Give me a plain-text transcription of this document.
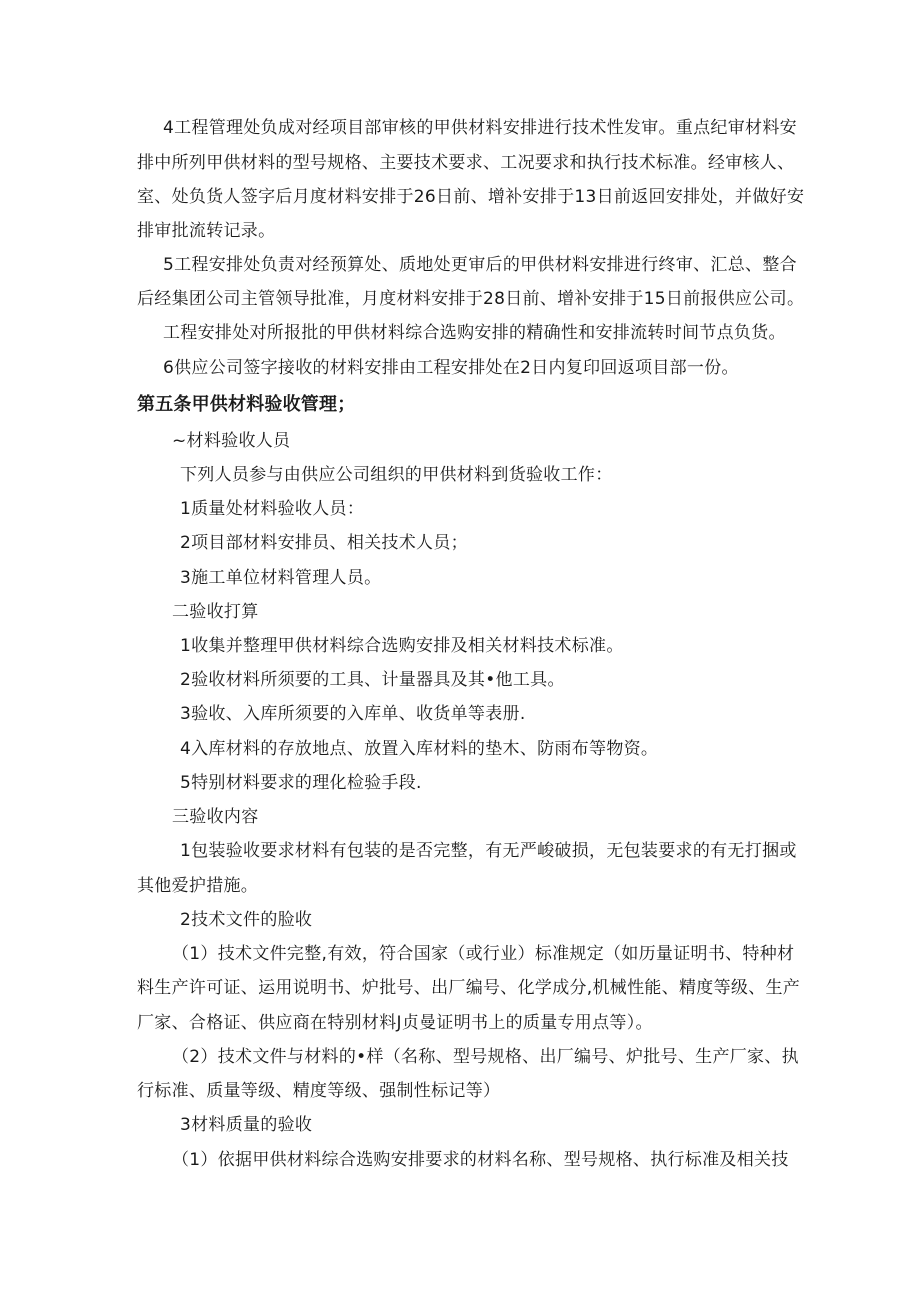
4工程管理处负成对经项目部审核的甲供材料安排进行技术性发审。重点纪审材料安
排中所列甲供材料的型号规格、主要技术要求、工况要求和执行技术标准。经审核人、
室、处负货人签字后月度材料安排于26日前、增补安排于13日前返回安排处，并做好安
排审批流转记录。
5工程安排处负责对经预算处、质地处更审后的甲供材料安排进行终审、汇总、整合
后经集团公司主管领导批准，月度材料安排于28日前、增补安排于15日前报供应公司。
工程安排处对所报批的甲供材料综合选购安排的精确性和安排流转时间节点负货。
6供应公司签字接收的材料安排由工程安排处在2日内复印回返项目部一份。
第五条甲供材料验收管理；
~材料验收人员
下列人员参与由供应公司组织的甲供材料到货验收工作：
1质量处材料验收人员：
2项目部材料安排员、相关技术人员；
3施工单位材料管理人员。
二验收打算
1收集并整理甲供材料综合选购安排及相关材料技术标准。
2验收材料所须要的工具、计量器具及其•他工具。
3验收、入库所须要的入库单、收货单等表册.
4入库材料的存放地点、放置入库材料的垫木、防雨布等物资。
5特别材料要求的理化检验手段.
三验收内容
1包装验收要求材料有包装的是否完整，有无严峻破损，无包装要求的有无打捆或
其他爱护措施。
2技术文件的脸收
（1）技术文件完整,有效，符合国家（或行业）标准规定（如历量证明书、特种材
料生产许可证、运用说明书、炉批号、出厂编号、化学成分,机械性能、精度等级、生产
厂家、合格证、供应商在特别材料J贞曼证明书上的质量专用点等）。
（2）技术文件与材料的•样（名称、型号规格、出厂编号、炉批号、生产厂家、执
行标准、质量等级、精度等级、强制性标记等）
3材料质量的验收
（1）依据甲供材料综合选购安排要求的材料名称、型号规格、执行标准及相关技
